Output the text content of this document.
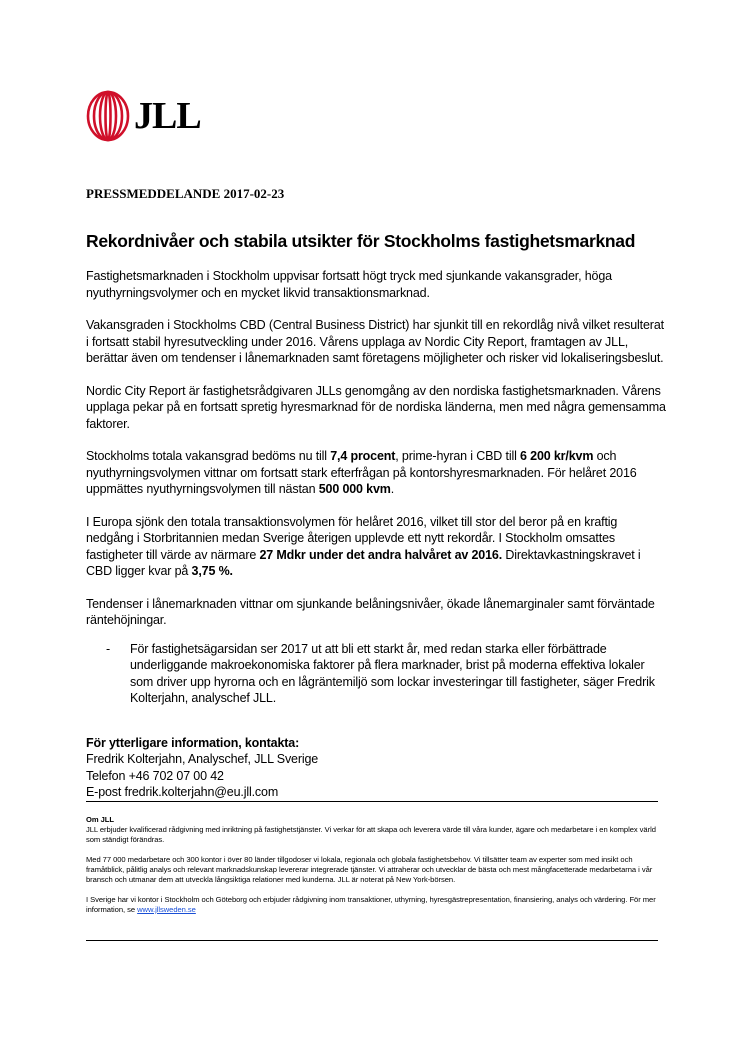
JLL
PRESSMEDDELANDE 2017-02-23
Rekordnivåer och stabila utsikter för Stockholms fastighetsmarknad

Fastighetsmarknaden i Stockholm uppvisar fortsatt högt tryck med sjunkande vakansgrader, höga nyuthyrningsvolymer och en mycket likvid transaktionsmarknad.

Vakansgraden i Stockholms CBD (Central Business District) har sjunkit till en rekordlåg nivå vilket resulterat i fortsatt stabil hyresutveckling under 2016. Vårens upplaga av Nordic City Report, framtagen av JLL, berättar även om tendenser i lånemarknaden samt företagens möjligheter och risker vid lokaliseringsbeslut.

Nordic City Report är fastighetsrådgivaren JLLs genomgång av den nordiska fastighetsmarknaden. Vårens upplaga pekar på en fortsatt spretig hyresmarknad för de nordiska länderna, men med några gemensamma faktorer.

Stockholms totala vakansgrad bedöms nu till 7,4 procent, prime-hyran i CBD till 6 200 kr/kvm och nyuthyrningsvolymen vittnar om fortsatt stark efterfrågan på kontorshyresmarknaden. För helåret 2016 uppmättes nyuthyrningsvolymen till nästan 500 000 kvm.

I Europa sjönk den totala transaktionsvolymen för helåret 2016, vilket till stor del beror på en kraftig nedgång i Storbritannien medan Sverige återigen upplevde ett nytt rekordår. I Stockholm omsattes fastigheter till värde av närmare 27 Mdkr under det andra halvåret av 2016. Direktavkastningskravet i CBD ligger kvar på 3,75 %.

Tendenser i lånemarknaden vittnar om sjunkande belåningsnivåer, ökade lånemarginaler samt förväntade räntehöjningar.

-	För fastighetsägarsidan ser 2017 ut att bli ett starkt år, med redan starka eller förbättrade underliggande makroekonomiska faktorer på flera marknader, brist på moderna effektiva lokaler som driver upp hyrorna och en lågräntemiljö som lockar investeringar till fastigheter, säger Fredrik Kolterjahn, analyschef JLL.
För ytterligare information, kontakta:
Fredrik Kolterjahn, Analyschef, JLL Sverige
Telefon +46 702 07 00 42
E-post fredrik.kolterjahn@eu.jll.com
Om JLL

JLL erbjuder kvalificerad rådgivning med inriktning på fastighetstjänster. Vi verkar för att skapa och leverera värde till våra kunder, ägare och medarbetare i en komplex värld som ständigt förändras.

Med 77 000 medarbetare och 300 kontor i över 80 länder tillgodoser vi lokala, regionala och globala fastighetsbehov. Vi tillsätter team av experter som med insikt och framåtblick, pålitlig analys och relevant marknadskunskap levererar integrerade tjänster. Vi attraherar och utvecklar de bästa och mest mångfacetterade medarbetarna i vår bransch och utmanar dem att utveckla långsiktiga relationer med kunderna. JLL är noterat på New York-börsen.

I Sverige har vi kontor i Stockholm och Göteborg och erbjuder rådgivning inom transaktioner, uthyrning, hyresgästrepresentation, finansiering, analys och värdering. För mer information, se www.jllsweden.se
